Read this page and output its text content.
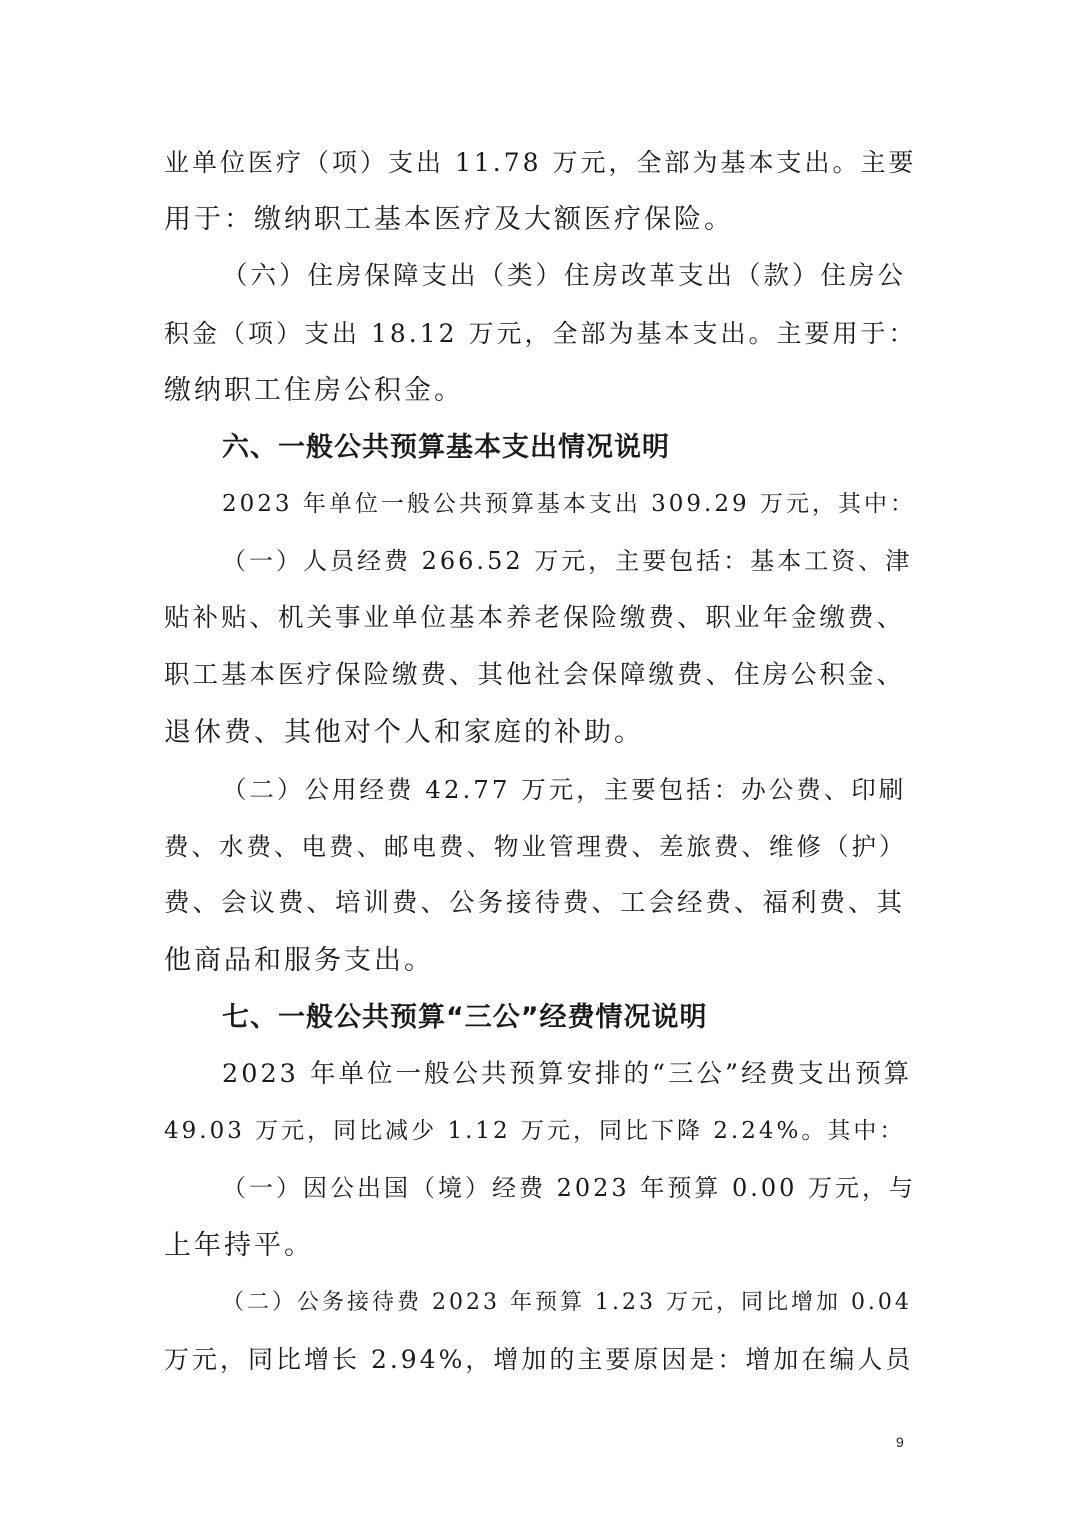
业单位医疗（项）支出 11.78 万元，全部为基本支出。主要
用于：缴纳职工基本医疗及大额医疗保险。
（六）住房保障支出（类）住房改革支出（款）住房公
积金（项）支出 18.12 万元，全部为基本支出。主要用于：
缴纳职工住房公积金。
六、一般公共预算基本支出情况说明
2023 年单位一般公共预算基本支出 309.29 万元，其中：
（一）人员经费 266.52 万元，主要包括：基本工资、津
贴补贴、机关事业单位基本养老保险缴费、职业年金缴费、
职工基本医疗保险缴费、其他社会保障缴费、住房公积金、
退休费、其他对个人和家庭的补助。
（二）公用经费 42.77 万元，主要包括：办公费、印刷
费、水费、电费、邮电费、物业管理费、差旅费、维修（护）
费、会议费、培训费、公务接待费、工会经费、福利费、其
他商品和服务支出。
七、一般公共预算“三公”经费情况说明
2023 年单位一般公共预算安排的“三公”经费支出预算
49.03 万元，同比减少 1.12 万元，同比下降 2.24%。其中：
（一）因公出国（境）经费 2023 年预算 0.00 万元，与
上年持平。
（二）公务接待费 2023 年预算 1.23 万元，同比增加 0.04
万元，同比增长 2.94%，增加的主要原因是：增加在编人员
9
